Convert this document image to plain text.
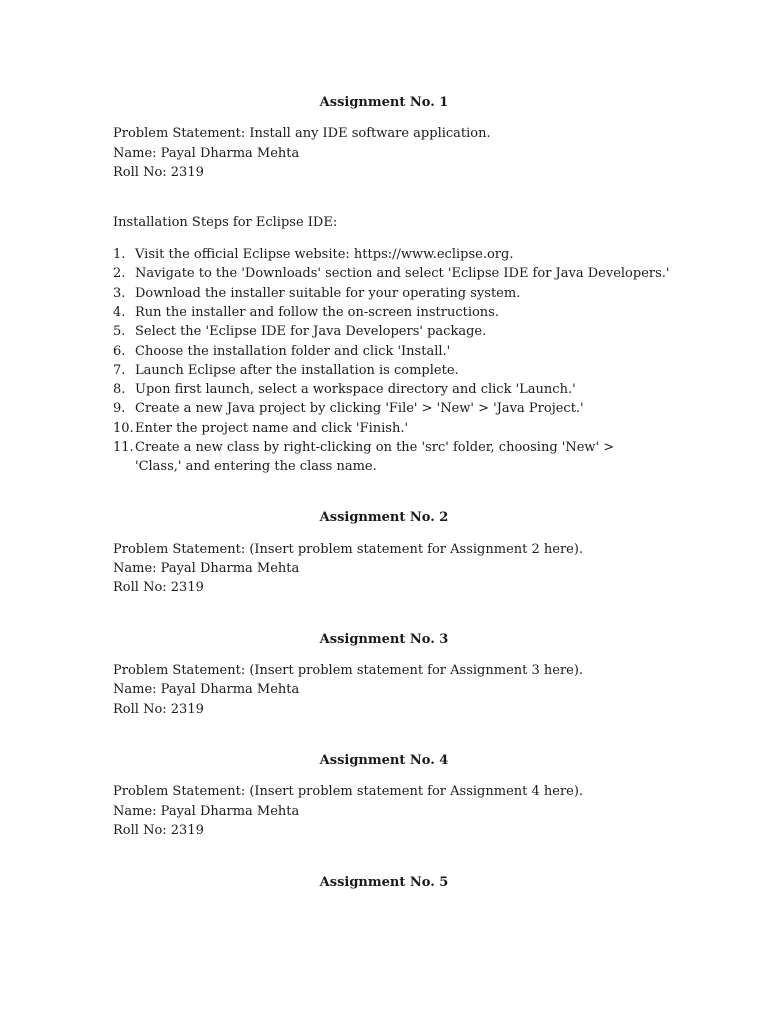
Assignment No. 1
Problem Statement: Install any IDE software application.
Name: Payal Dharma Mehta
Roll No: 2319
Installation Steps for Eclipse IDE:
1. Visit the official Eclipse website: https://www.eclipse.org.
2. Navigate to the 'Downloads' section and select 'Eclipse IDE for Java Developers.'
3. Download the installer suitable for your operating system.
4. Run the installer and follow the on-screen instructions.
5. Select the 'Eclipse IDE for Java Developers' package.
6. Choose the installation folder and click 'Install.'
7. Launch Eclipse after the installation is complete.
8. Upon first launch, select a workspace directory and click 'Launch.'
9. Create a new Java project by clicking 'File' > 'New' > 'Java Project.'
10. Enter the project name and click 'Finish.'
11. Create a new class by right-clicking on the 'src' folder, choosing 'New' > 'Class,' and entering the class name.
Assignment No. 2
Problem Statement: (Insert problem statement for Assignment 2 here).
Name: Payal Dharma Mehta
Roll No: 2319
Assignment No. 3
Problem Statement: (Insert problem statement for Assignment 3 here).
Name: Payal Dharma Mehta
Roll No: 2319
Assignment No. 4
Problem Statement: (Insert problem statement for Assignment 4 here).
Name: Payal Dharma Mehta
Roll No: 2319
Assignment No. 5
